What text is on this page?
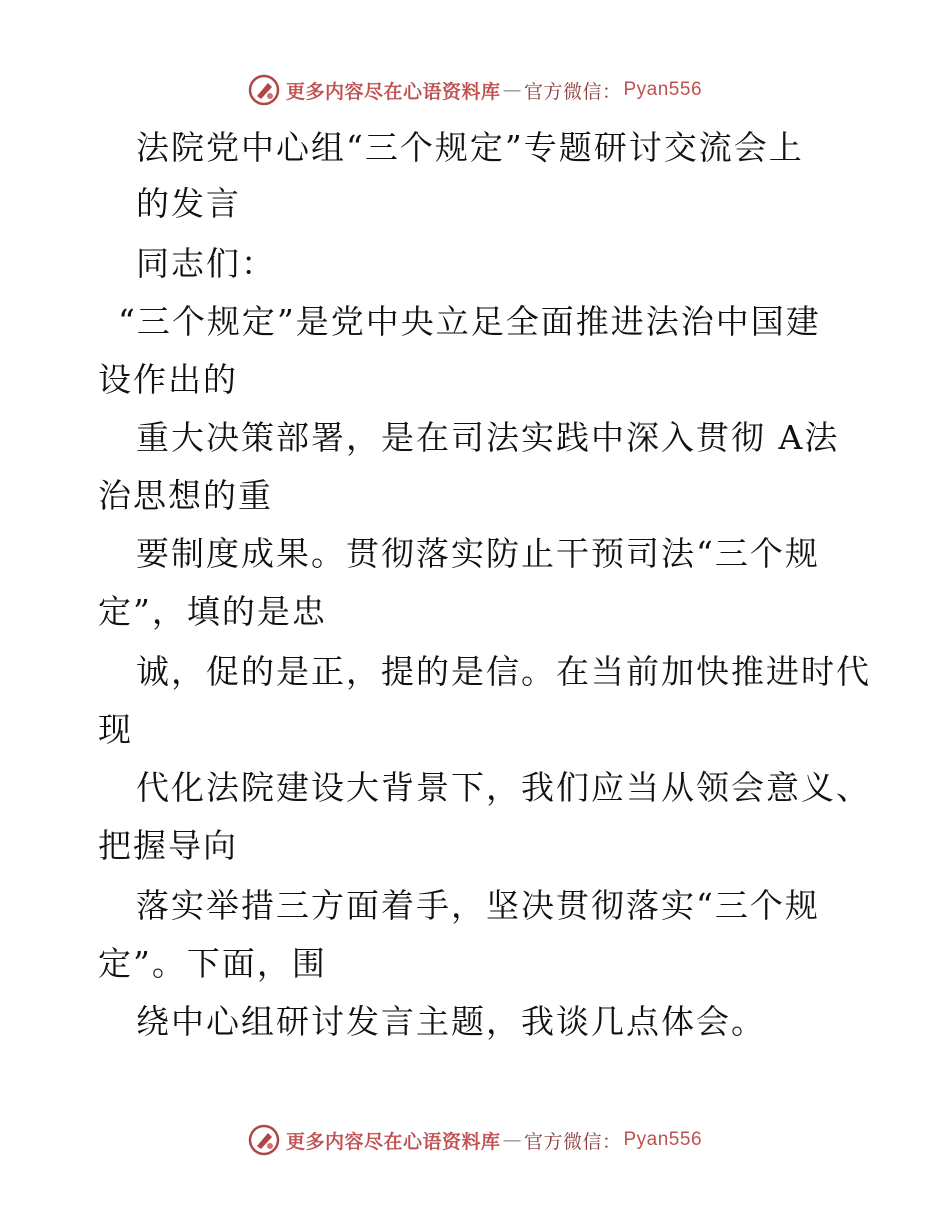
更多内容尽在心语资料库 — 官方微信： Pyan556
法院党中心组“三个规定”专题研讨交流会上
的发言
同志们：
“三个规定”是党中央立足全面推进法治中国建
设作出的
重大决策部署，是在司法实践中深入贯彻 A法
治思想的重
要制度成果。贯彻落实防止干预司法“三个规
定”，填的是忠
诚，促的是正，提的是信。在当前加快推进时代
现
代化法院建设大背景下，我们应当从领会意义、
把握导向
落实举措三方面着手，坚决贯彻落实“三个规
定”。下面，围
绕中心组研讨发言主题，我谈几点体会。
更多内容尽在心语资料库 — 官方微信： Pyan556
